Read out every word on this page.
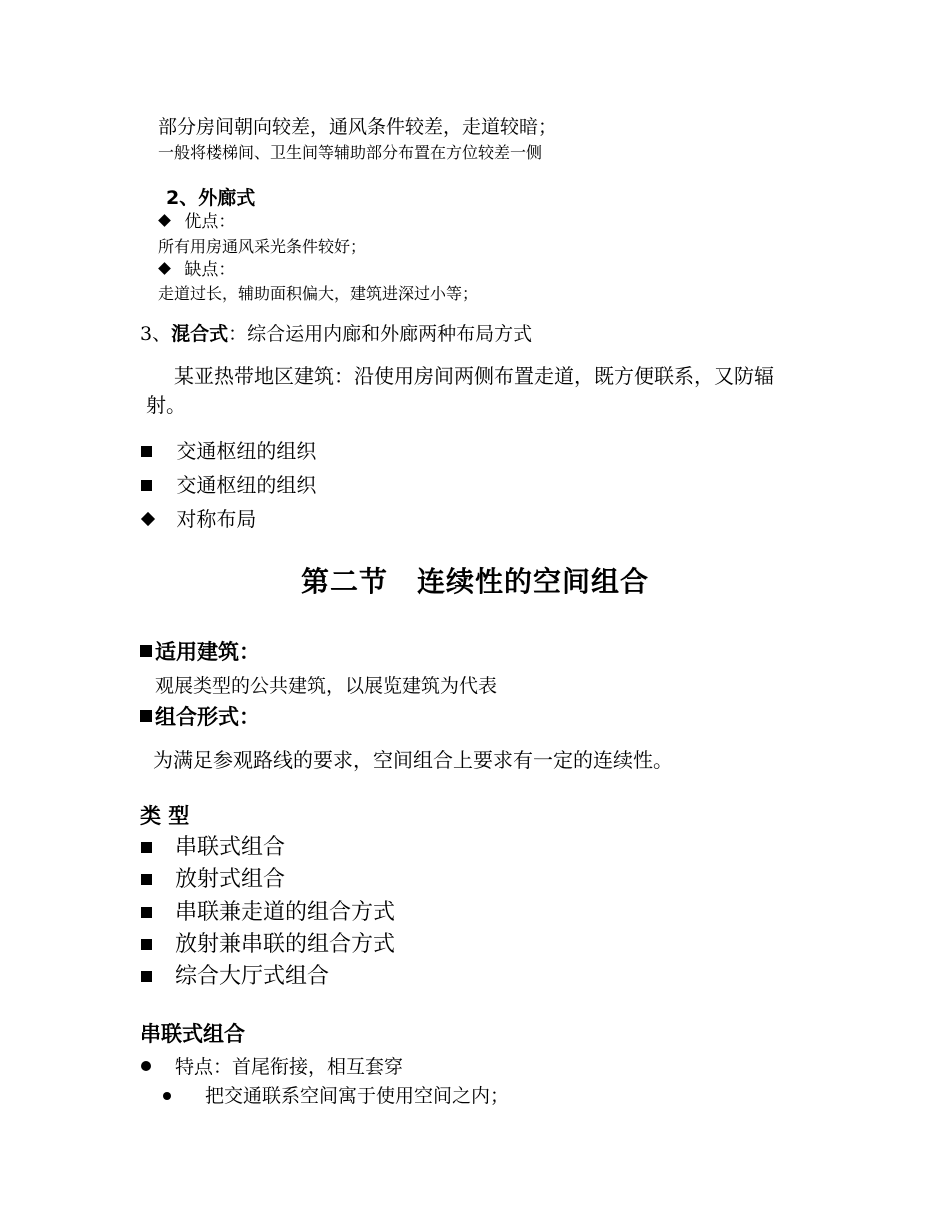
部分房间朝向较差，通风条件较差，走道较暗；
一般将楼梯间、卫生间等辅助部分布置在方位较差一侧
2、外廊式
优点：
所有用房通风采光条件较好；
缺点：
走道过长，辅助面积偏大，建筑进深过小等；
3、混合式：综合运用内廊和外廊两种布局方式
某亚热带地区建筑：沿使用房间两侧布置走道，既方便联系，又防辐
射。
交通枢纽的组织
交通枢纽的组织
对称布局
第二节　连续性的空间组合
适用建筑：
观展类型的公共建筑，以展览建筑为代表
组合形式：
为满足参观路线的要求，空间组合上要求有一定的连续性。
类 型
串联式组合
放射式组合
串联兼走道的组合方式
放射兼串联的组合方式
综合大厅式组合
串联式组合
特点：首尾衔接，相互套穿
把交通联系空间寓于使用空间之内；
